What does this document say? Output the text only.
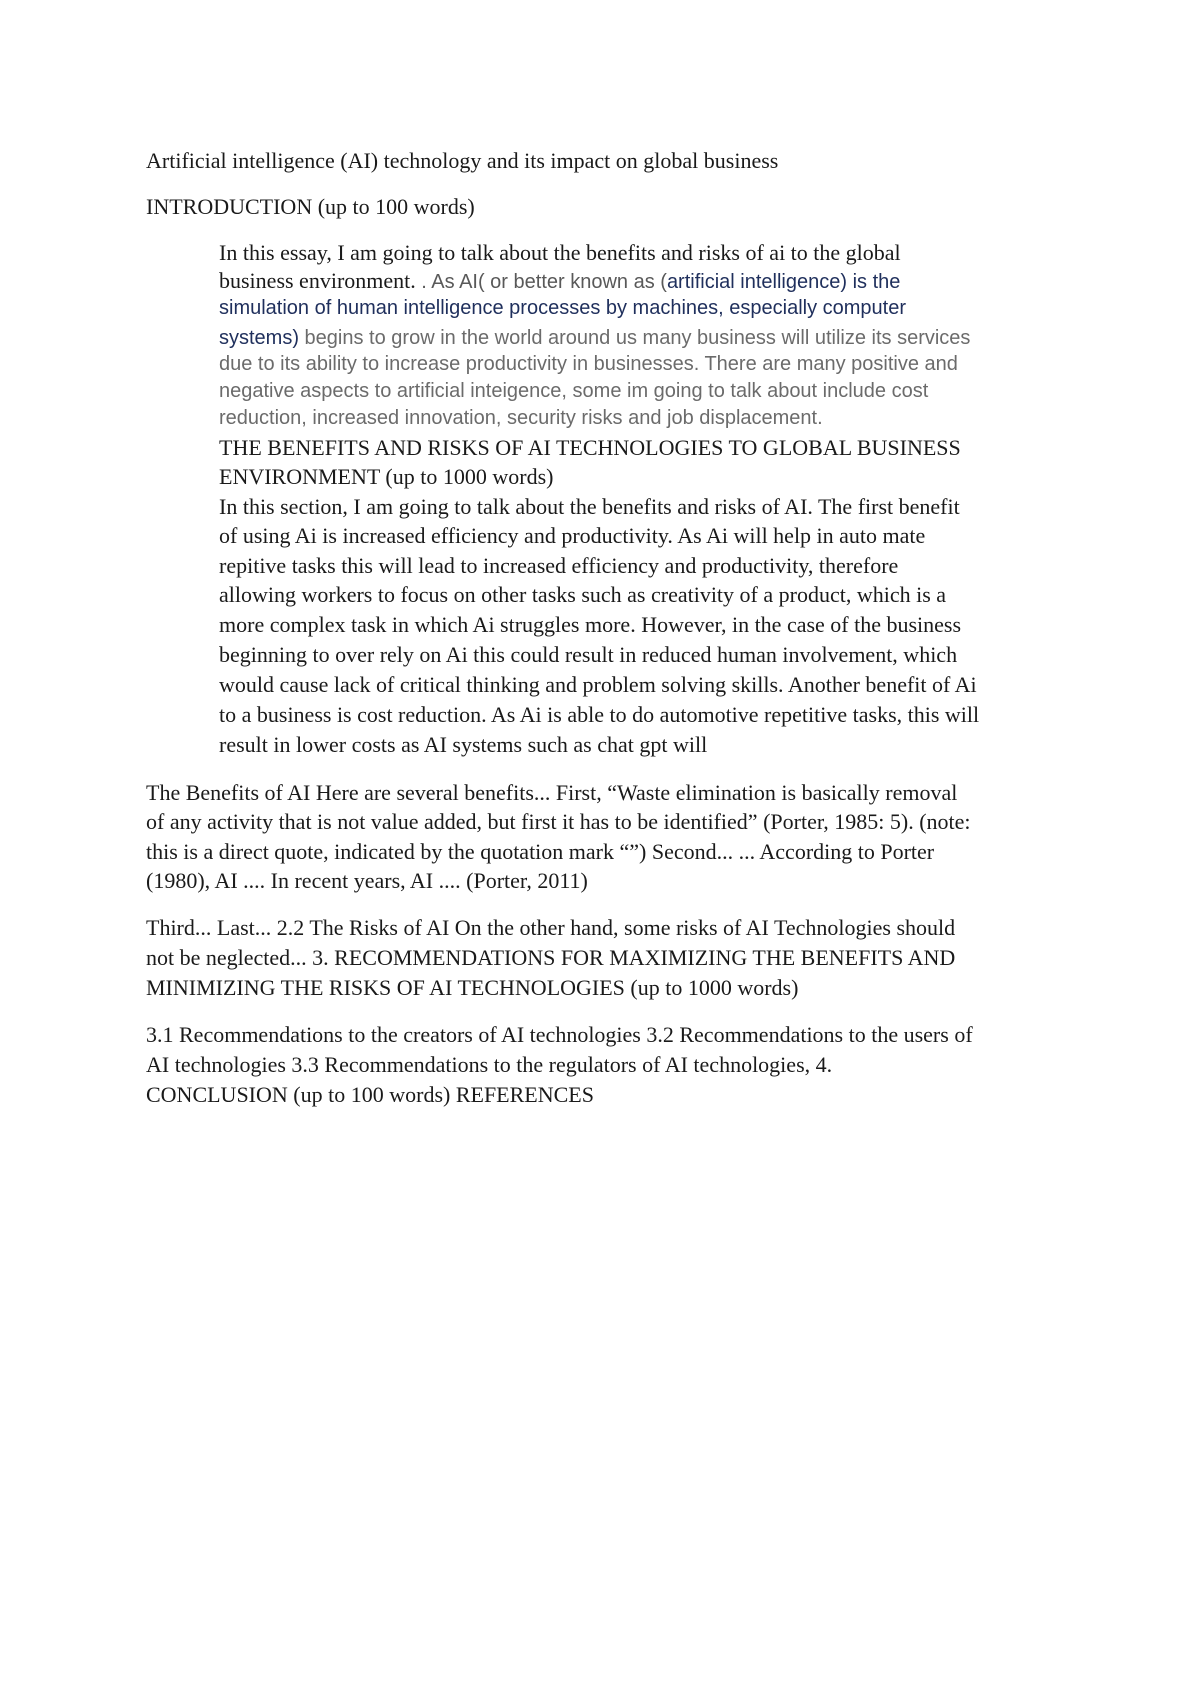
Artificial intelligence (AI) technology and its impact on global business

INTRODUCTION (up to 100 words)

In this essay, I am going to talk about the benefits and risks of ai to the global

business environment. . As AI( or better known as (artificial intelligence) is the

simulation of human intelligence processes by machines, especially computer

systems) begins to grow in the world around us many business will utilize its services

due to its ability to increase productivity in businesses. There are many positive and

negative aspects to artificial inteigence, some im going to talk about include cost

reduction, increased innovation, security risks and job displacement.

THE BENEFITS AND RISKS OF AI TECHNOLOGIES TO GLOBAL BUSINESS

ENVIRONMENT (up to 1000 words)

In this section, I am going to talk about the benefits and risks of AI. The first benefit

of using Ai is increased efficiency and productivity. As Ai will help in auto mate

repitive tasks this will lead to increased efficiency and productivity, therefore

allowing workers to focus on other tasks such as creativity of a product, which is a

more complex task in which Ai struggles more. However, in the case of the business

beginning to over rely on Ai this could result in reduced human involvement, which

would cause lack of critical thinking and problem solving skills. Another benefit of Ai

to a business is cost reduction. As Ai is able to do automotive repetitive tasks, this will

result in lower costs as AI systems such as chat gpt will

The Benefits of AI Here are several benefits... First, “Waste elimination is basically removal

of any activity that is not value added, but first it has to be identified” (Porter, 1985: 5). (note:

this is a direct quote, indicated by the quotation mark “”) Second... ... According to Porter

(1980), AI .... In recent years, AI .... (Porter, 2011)

Third... Last... 2.2 The Risks of AI On the other hand, some risks of AI Technologies should

not be neglected... 3. RECOMMENDATIONS FOR MAXIMIZING THE BENEFITS AND

MINIMIZING THE RISKS OF AI TECHNOLOGIES (up to 1000 words)

3.1 Recommendations to the creators of AI technologies 3.2 Recommendations to the users of

AI technologies 3.3 Recommendations to the regulators of AI technologies, 4.

CONCLUSION (up to 100 words) REFERENCES
